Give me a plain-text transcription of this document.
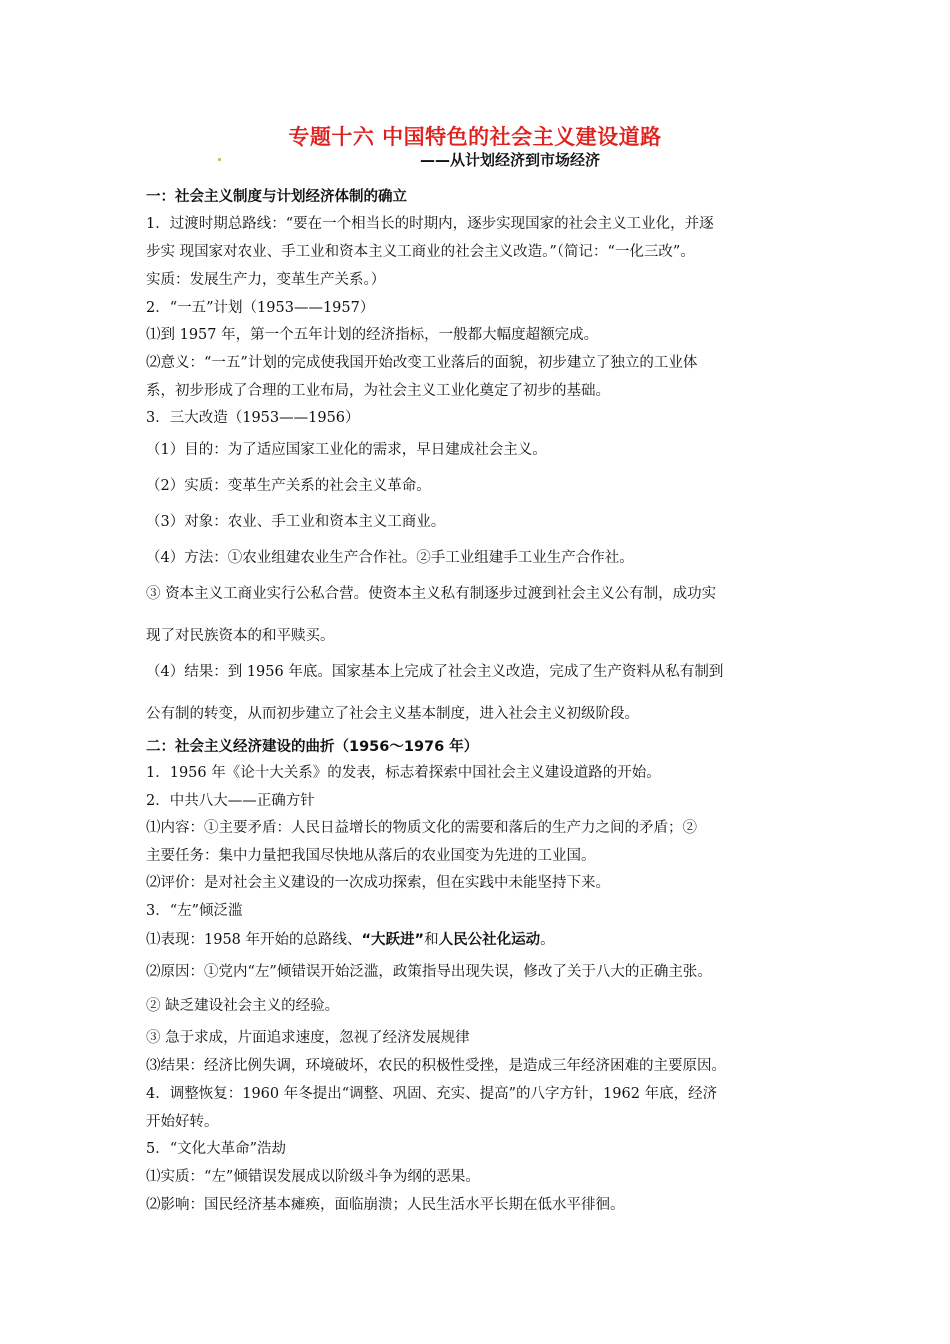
专题十六 中国特色的社会主义建设道路
——从计划经济到市场经济
一：社会主义制度与计划经济体制的确立
1．过渡时期总路线：“要在一个相当长的时期内，逐步实现国家的社会主义工业化，并逐
步实 现国家对农业、手工业和资本主义工商业的社会主义改造。”（简记：“一化三改”。
实质：发展生产力，变革生产关系。）
2．“一五”计划（1953——1957）
⑴到 1957 年，第一个五年计划的经济指标，一般都大幅度超额完成。
⑵意义：“一五”计划的完成使我国开始改变工业落后的面貌，初步建立了独立的工业体
系，初步形成了合理的工业布局，为社会主义工业化奠定了初步的基础。
3．三大改造（1953——1956）
（1）目的：为了适应国家工业化的需求，早日建成社会主义。
（2）实质：变革生产关系的社会主义革命。
（3）对象：农业、手工业和资本主义工商业。
（4）方法：①农业组建农业生产合作社。②手工业组建手工业生产合作社。
③ 资本主义工商业实行公私合营。使资本主义私有制逐步过渡到社会主义公有制，成功实
现了对民族资本的和平赎买。
（4）结果：到 1956 年底。国家基本上完成了社会主义改造，完成了生产资料从私有制到
公有制的转变，从而初步建立了社会主义基本制度，进入社会主义初级阶段。
二：社会主义经济建设的曲折（1956～1976 年）
1．1956 年《论十大关系》的发表，标志着探索中国社会主义建设道路的开始。
2．中共八大——正确方针
⑴内容：①主要矛盾：人民日益增长的物质文化的需要和落后的生产力之间的矛盾；②
主要任务：集中力量把我国尽快地从落后的农业国变为先进的工业国。
⑵评价：是对社会主义建设的一次成功探索，但在实践中未能坚持下来。
3．“左”倾泛滥
⑴表现：1958 年开始的总路线、“大跃进”和人民公社化运动。
⑵原因：①党内“左”倾错误开始泛滥，政策指导出现失误，修改了关于八大的正确主张。
② 缺乏建设社会主义的经验。
③ 急于求成，片面追求速度，忽视了经济发展规律
⑶结果：经济比例失调，环境破坏，农民的积极性受挫，是造成三年经济困难的主要原因。
4．调整恢复：1960 年冬提出“调整、巩固、充实、提高”的八字方针，1962 年底，经济
开始好转。
5．“文化大革命”浩劫
⑴实质：“左”倾错误发展成以阶级斗争为纲的恶果。
⑵影响：国民经济基本瘫痪，面临崩溃；人民生活水平长期在低水平徘徊。
